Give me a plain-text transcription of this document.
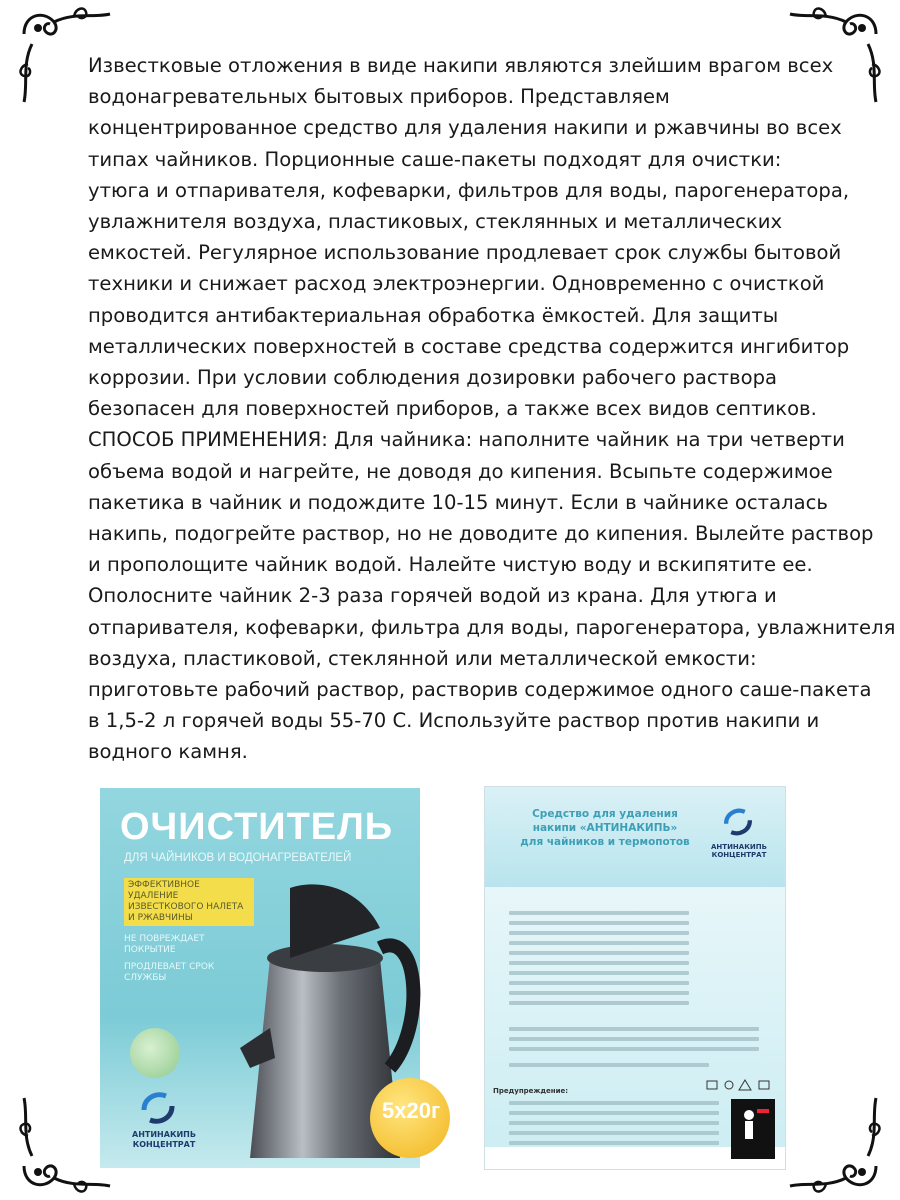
Известковые отложения в виде накипи являются злейшим врагом всех
водонагревательных бытовых приборов. Представляем
концентрированное средство для удаления накипи и ржавчины во всех
типах чайников. Порционные саше-пакеты подходят для очистки:
утюга и отпаривателя, кофеварки, фильтров для воды, парогенератора,
увлажнителя воздуха, пластиковых, стеклянных и металлических
емкостей. Регулярное использование продлевает срок службы бытовой
техники и снижает расход электроэнергии. Одновременно с очисткой
проводится антибактериальная обработка ёмкостей. Для защиты
металлических поверхностей в составе средства содержится ингибитор
коррозии. При условии соблюдения дозировки рабочего раствора
безопасен для поверхностей приборов, а также всех видов септиков.
СПОСОБ ПРИМЕНЕНИЯ: Для чайника: наполните чайник на три четверти
объема водой и нагрейте, не доводя до кипения. Всыпьте содержимое
пакетика в чайник и подождите 10-15 минут. Если в чайнике осталась
накипь, подогрейте раствор, но не доводите до кипения. Вылейте раствор
и прополощите чайник водой. Налейте чистую воду и вскипятите ее.
Ополосните чайник 2-3 раза горячей водой из крана. Для утюга и
отпаривателя, кофеварки, фильтра для воды, парогенератора, увлажнителя
воздуха, пластиковой, стеклянной или металлической емкости:
приготовьте рабочий раствор, растворив содержимое одного саше-пакета
в 1,5-2 л горячей воды 55-70 С. Используйте раствор против накипи и
водного камня.

ОЧИСТИТЕЛЬ
ДЛЯ ЧАЙНИКОВ И ВОДОНАГРЕВАТЕЛЕЙ
ЭФФЕКТИВНОЕ УДАЛЕНИЕ ИЗВЕСТКОВОГО НАЛЕТА И РЖАВЧИНЫ
НЕ ПОВРЕЖДАЕТ ПОКРЫТИЕ
ПРОДЛЕВАЕТ СРОК СЛУЖБЫ
АНТИНАКИПЬ
КОНЦЕНТРАТ
5х20г
Средство для удаления
накипи «АНТИНАКИПЬ»
для чайников и термопотов	АНТИНАКИПЬ
КОНЦЕНТРАТ
Предупреждение:
